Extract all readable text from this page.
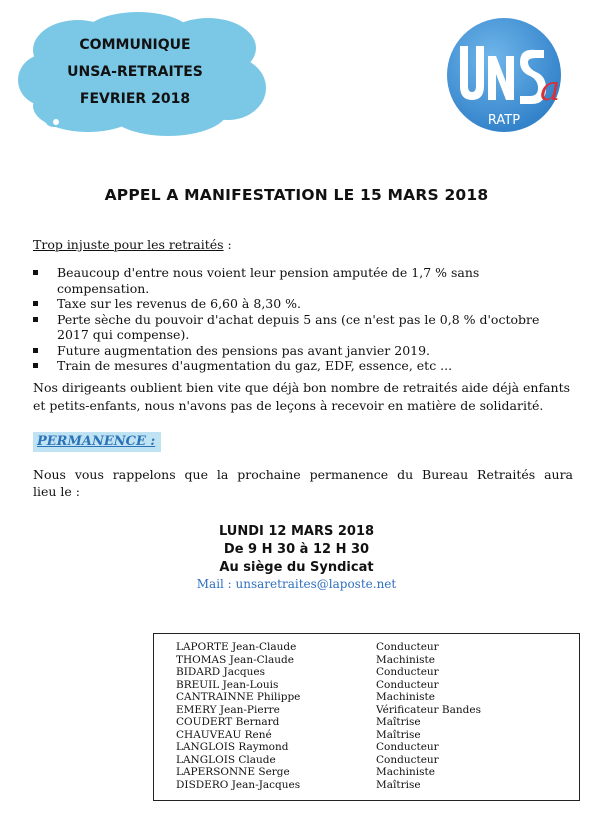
COMMUNIQUE
UNSA-RETRAITES
FEVRIER 2018	a
RATP
APPEL A MANIFESTATION LE 15 MARS 2018
Trop injuste pour les retraités :
Beaucoup d'entre nous voient leur pension amputée de 1,7 % sans compensation.
Taxe sur les revenus de 6,60 à 8,30 %.
Perte sèche du pouvoir d'achat depuis 5 ans (ce n'est pas le 0,8 % d'octobre 2017 qui compense).
Future augmentation des pensions pas avant janvier 2019.
Train de mesures d'augmentation du gaz, EDF, essence, etc ...
Nos dirigeants oublient bien vite que déjà bon nombre de retraités aide déjà enfants et petits-enfants, nous n'avons pas de leçons à recevoir en matière de solidarité.
PERMANENCE :
Nous vous rappelons que la prochaine permanence du Bureau Retraités aura
lieu le :
LUNDI 12 MARS 2018
De 9 H 30 à 12 H 30
Au siège du Syndicat
Mail : unsaretraites@laposte.net
LAPORTE Jean-Claude	Conducteur
THOMAS Jean-Claude	Machiniste
BIDARD Jacques	Conducteur
BREUIL Jean-Louis	Conducteur
CANTRAINNE Philippe	Machiniste
EMERY Jean-Pierre	Vérificateur Bandes
COUDERT Bernard	Maîtrise
CHAUVEAU René	Maîtrise
LANGLOIS Raymond	Conducteur
LANGLOIS Claude	Conducteur
LAPERSONNE Serge	Machiniste
DISDERO Jean-Jacques	Maîtrise
